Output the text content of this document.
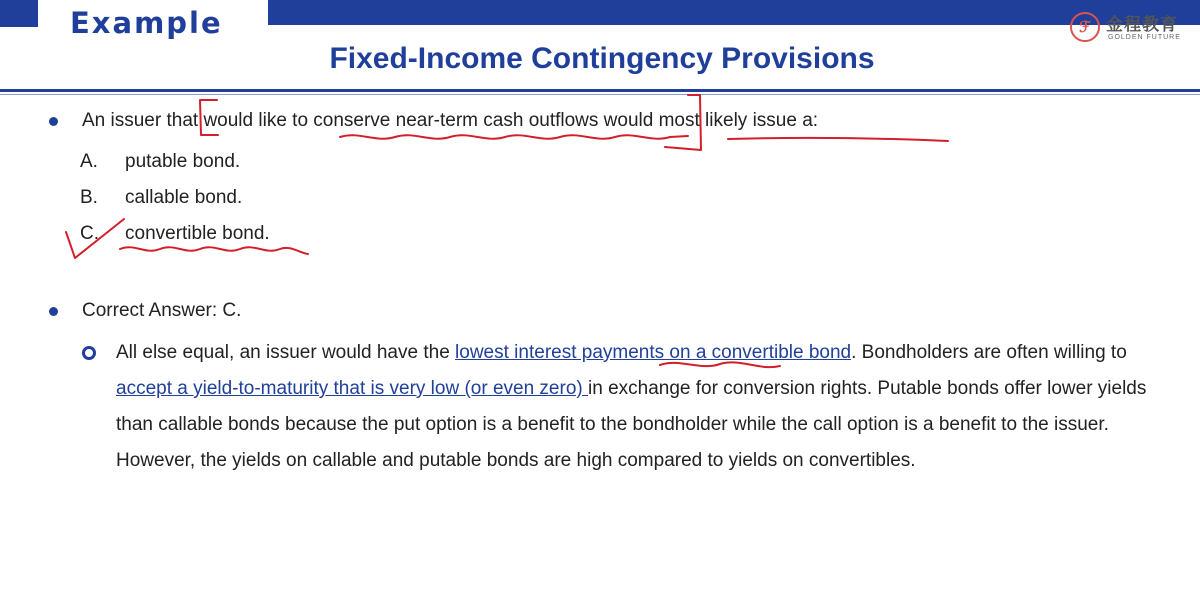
Example	ℱ 金程教育
GOLDEN FUTURE
Fixed-Income Contingency Provisions
An issuer that would like to conserve near-term cash outflows would most likely issue a:
A. putable bond.
B. callable bond.
C. convertible bond.
Correct Answer: C.
All else equal, an issuer would have the lowest interest payments on a convertible bond. Bondholders are often willing to accept a yield-to-maturity that is very low (or even zero) in exchange for conversion rights. Putable bonds offer lower yields than callable bonds because the put option is a benefit to the bondholder while the call option is a benefit to the issuer. However, the yields on callable and putable bonds are high compared to yields on convertibles.
